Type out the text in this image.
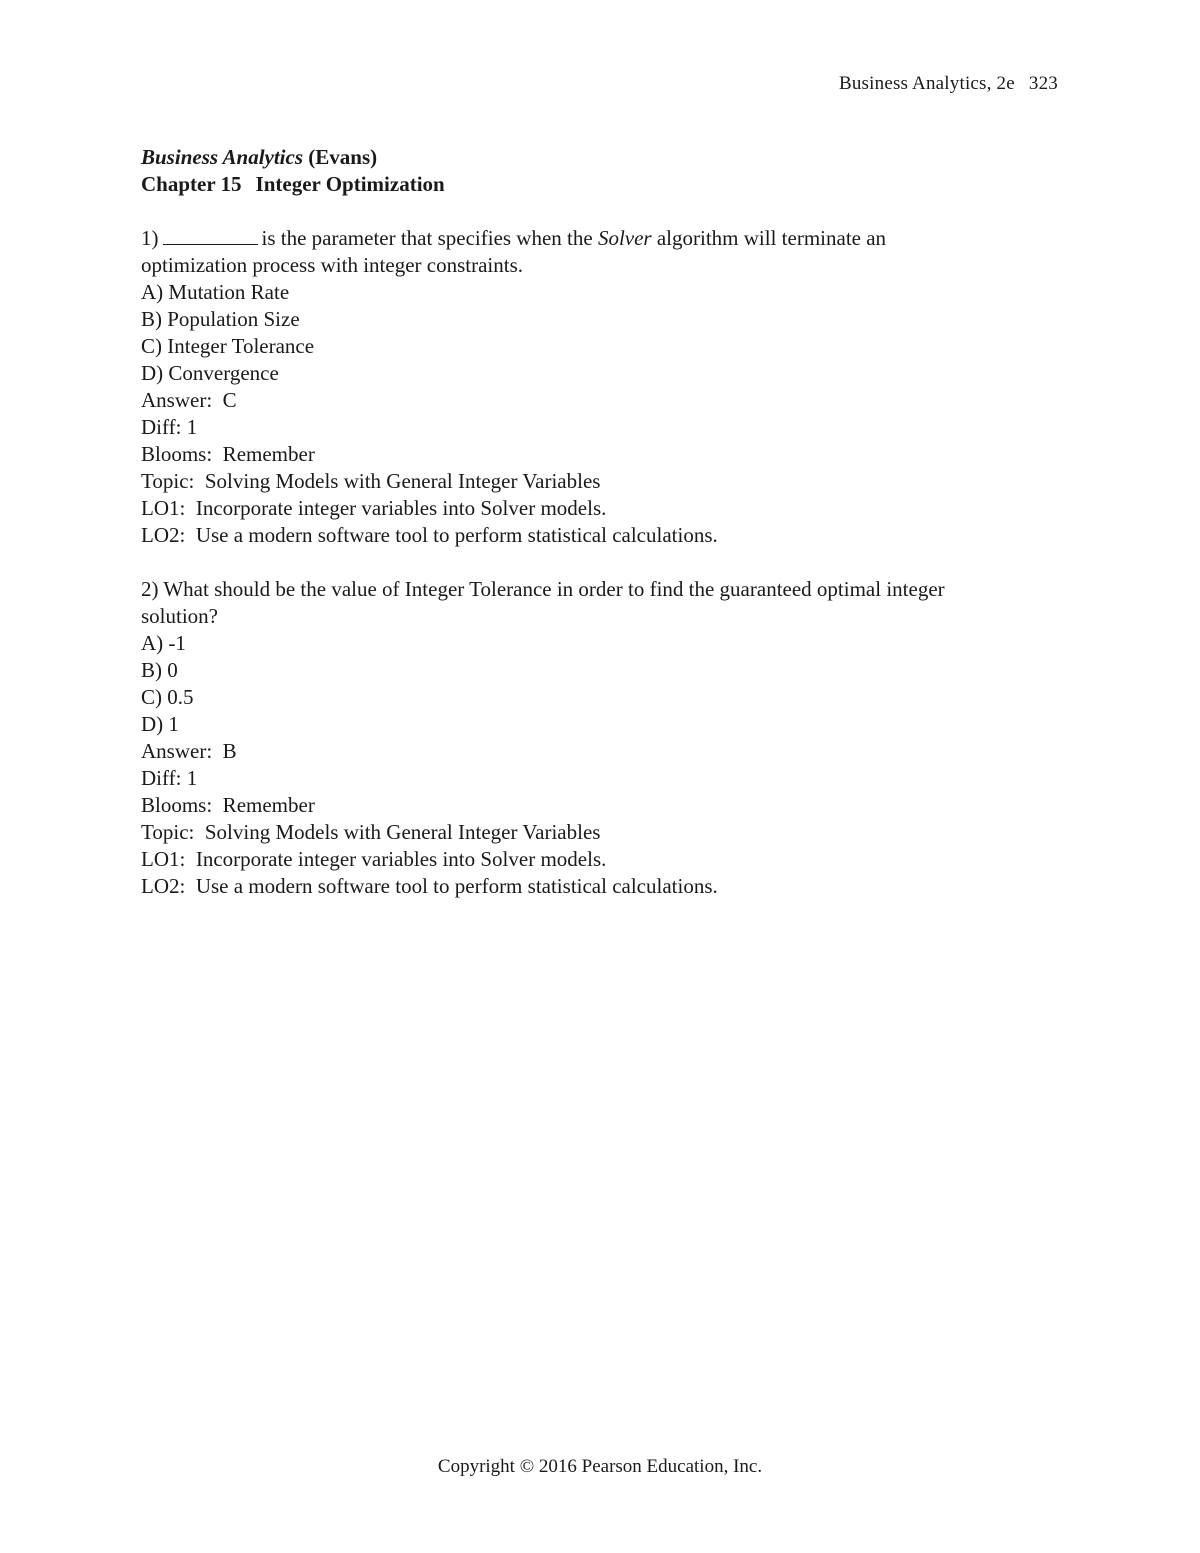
Business Analytics, 2e 323
Business Analytics (Evans)
Chapter 15 Integer Optimization
1)	is the parameter that specifies when the Solver algorithm will terminate an
optimization process with integer constraints.
A) Mutation Rate
B) Population Size
C) Integer Tolerance
D) Convergence
Answer:  C
Diff: 1
Blooms:  Remember
Topic:  Solving Models with General Integer Variables
LO1:  Incorporate integer variables into Solver models.
LO2:  Use a modern software tool to perform statistical calculations.
2) What should be the value of Integer Tolerance in order to find the guaranteed optimal integer
solution?
A) -1
B) 0
C) 0.5
D) 1
Answer:  B
Diff: 1
Blooms:  Remember
Topic:  Solving Models with General Integer Variables
LO1:  Incorporate integer variables into Solver models.
LO2:  Use a modern software tool to perform statistical calculations.
Copyright © 2016 Pearson Education, Inc.
